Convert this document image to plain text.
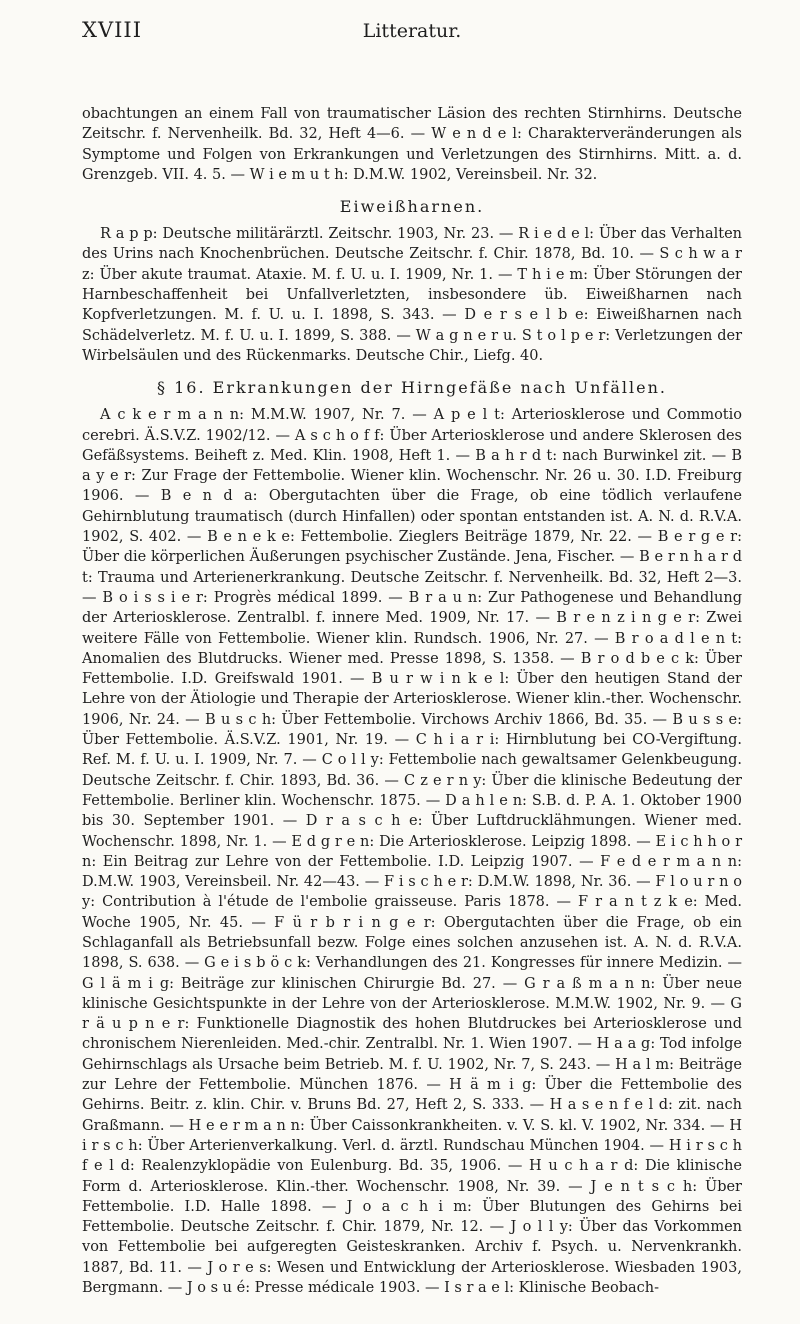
XVIII	Litteratur.

obachtungen an einem Fall von traumatischer Läsion des rechten Stirnhirns. Deutsche Zeitschr. f. Nervenheilk. Bd. 32, Heft 4—6. — W e n d e l: Charakterveränderungen als Symptome und Folgen von Erkrankungen und Verletzungen des Stirnhirns. Mitt. a. d. Grenzgeb. VII. 4. 5. — W i e m u t h: D.M.W. 1902, Vereinsbeil. Nr. 32.

Eiweißharnen.

R a p p: Deutsche militärärztl. Zeitschr. 1903, Nr. 23. — R i e d e l: Über das Verhalten des Urins nach Knochenbrüchen. Deutsche Zeitschr. f. Chir. 1878, Bd. 10. — S c h w a r z: Über akute traumat. Ataxie. M. f. U. u. I. 1909, Nr. 1. — T h i e m: Über Störungen der Harnbeschaffenheit bei Unfallverletzten, insbesondere üb. Eiweißharnen nach Kopfverletzungen. M. f. U. u. I. 1898, S. 343. — D e r s e l b e: Eiweißharnen nach Schädelverletz. M. f. U. u. I. 1899, S. 388. — W a g n e r u. S t o l p e r: Verletzungen der Wirbelsäulen und des Rückenmarks. Deutsche Chir., Liefg. 40.

§ 16. Erkrankungen der Hirngefäße nach Unfällen.

A c k e r m a n n: M.M.W. 1907, Nr. 7. — A p e l t: Arteriosklerose und Commotio cerebri. Ä.S.V.Z. 1902/12. — A s c h o f f: Über Arteriosklerose und andere Sklerosen des Gefäßsystems. Beiheft z. Med. Klin. 1908, Heft 1. — B a h r d t: nach Burwinkel zit. — B a y e r: Zur Frage der Fettembolie. Wiener klin. Wochenschr. Nr. 26 u. 30. I.D. Freiburg 1906. — B e n d a: Obergutachten über die Frage, ob eine tödlich verlaufene Gehirnblutung traumatisch (durch Hinfallen) oder spontan entstanden ist. A. N. d. R.V.A. 1902, S. 402. — B e n e k e: Fettembolie. Zieglers Beiträge 1879, Nr. 22. — B e r g e r: Über die körperlichen Äußerungen psychischer Zustände. Jena, Fischer. — B e r n h a r d t: Trauma und Arterienerkrankung. Deutsche Zeitschr. f. Nervenheilk. Bd. 32, Heft 2—3. — B o i s s i e r: Progrès médical 1899. — B r a u n: Zur Pathogenese und Behandlung der Arteriosklerose. Zentralbl. f. innere Med. 1909, Nr. 17. — B r e n z i n g e r: Zwei weitere Fälle von Fettembolie. Wiener klin. Rundsch. 1906, Nr. 27. — B r o a d l e n t: Anomalien des Blutdrucks. Wiener med. Presse 1898, S. 1358. — B r o d b e c k: Über Fettembolie. I.D. Greifswald 1901. — B u r w i n k e l: Über den heutigen Stand der Lehre von der Ätiologie und Therapie der Arteriosklerose. Wiener klin.-ther. Wochenschr. 1906, Nr. 24. — B u s c h: Über Fettembolie. Virchows Archiv 1866, Bd. 35. — B u s s e: Über Fettembolie. Ä.S.V.Z. 1901, Nr. 19. — C h i a r i: Hirnblutung bei CO-Vergiftung. Ref. M. f. U. u. I. 1909, Nr. 7. — C o l l y: Fettembolie nach gewaltsamer Gelenkbeugung. Deutsche Zeitschr. f. Chir. 1893, Bd. 36. — C z e r n y: Über die klinische Bedeutung der Fettembolie. Berliner klin. Wochenschr. 1875. — D a h l e n: S.B. d. P. A. 1. Oktober 1900 bis 30. September 1901. — D r a s c h e: Über Luftdrucklähmungen. Wiener med. Wochenschr. 1898, Nr. 1. — E d g r e n: Die Arteriosklerose. Leipzig 1898. — E i c h h o r n: Ein Beitrag zur Lehre von der Fettembolie. I.D. Leipzig 1907. — F e d e r m a n n: D.M.W. 1903, Vereinsbeil. Nr. 42—43. — F i s c h e r: D.M.W. 1898, Nr. 36. — F l o u r n o y: Contribution à l'étude de l'embolie graisseuse. Paris 1878. — F r a n t z k e: Med. Woche 1905, Nr. 45. — F ü r b r i n g e r: Obergutachten über die Frage, ob ein Schlaganfall als Betriebsunfall bezw. Folge eines solchen anzusehen ist. A. N. d. R.V.A. 1898, S. 638. — G e i s b ö c k: Verhandlungen des 21. Kongresses für innere Medizin. — G l ä m i g: Beiträge zur klinischen Chirurgie Bd. 27. — G r a ß m a n n: Über neue klinische Gesichtspunkte in der Lehre von der Arteriosklerose. M.M.W. 1902, Nr. 9. — G r ä u p n e r: Funktionelle Diagnostik des hohen Blutdruckes bei Arteriosklerose und chronischem Nierenleiden. Med.-chir. Zentralbl. Nr. 1. Wien 1907. — H a a g: Tod infolge Gehirnschlags als Ursache beim Betrieb. M. f. U. 1902, Nr. 7, S. 243. — H a l m: Beiträge zur Lehre der Fettembolie. München 1876. — H ä m i g: Über die Fettembolie des Gehirns. Beitr. z. klin. Chir. v. Bruns Bd. 27, Heft 2, S. 333. — H a s e n f e l d: zit. nach Graßmann. — H e e r m a n n: Über Caissonkrankheiten. v. V. S. kl. V. 1902, Nr. 334. — H i r s c h: Über Arterienverkalkung. Verl. d. ärztl. Rundschau München 1904. — H i r s c h f e l d: Realenzyklopädie von Eulenburg. Bd. 35, 1906. — H u c h a r d: Die klinische Form d. Arteriosklerose. Klin.-ther. Wochenschr. 1908, Nr. 39. — J e n t s c h: Über Fettembolie. I.D. Halle 1898. — J o a c h i m: Über Blutungen des Gehirns bei Fettembolie. Deutsche Zeitschr. f. Chir. 1879, Nr. 12. — J o l l y: Über das Vorkommen von Fettembolie bei aufgeregten Geisteskranken. Archiv f. Psych. u. Nervenkrankh. 1887, Bd. 11. — J o r e s: Wesen und Entwicklung der Arteriosklerose. Wiesbaden 1903, Bergmann. — J o s u é: Presse médicale 1903. — I s r a e l: Klinische Beobach-
